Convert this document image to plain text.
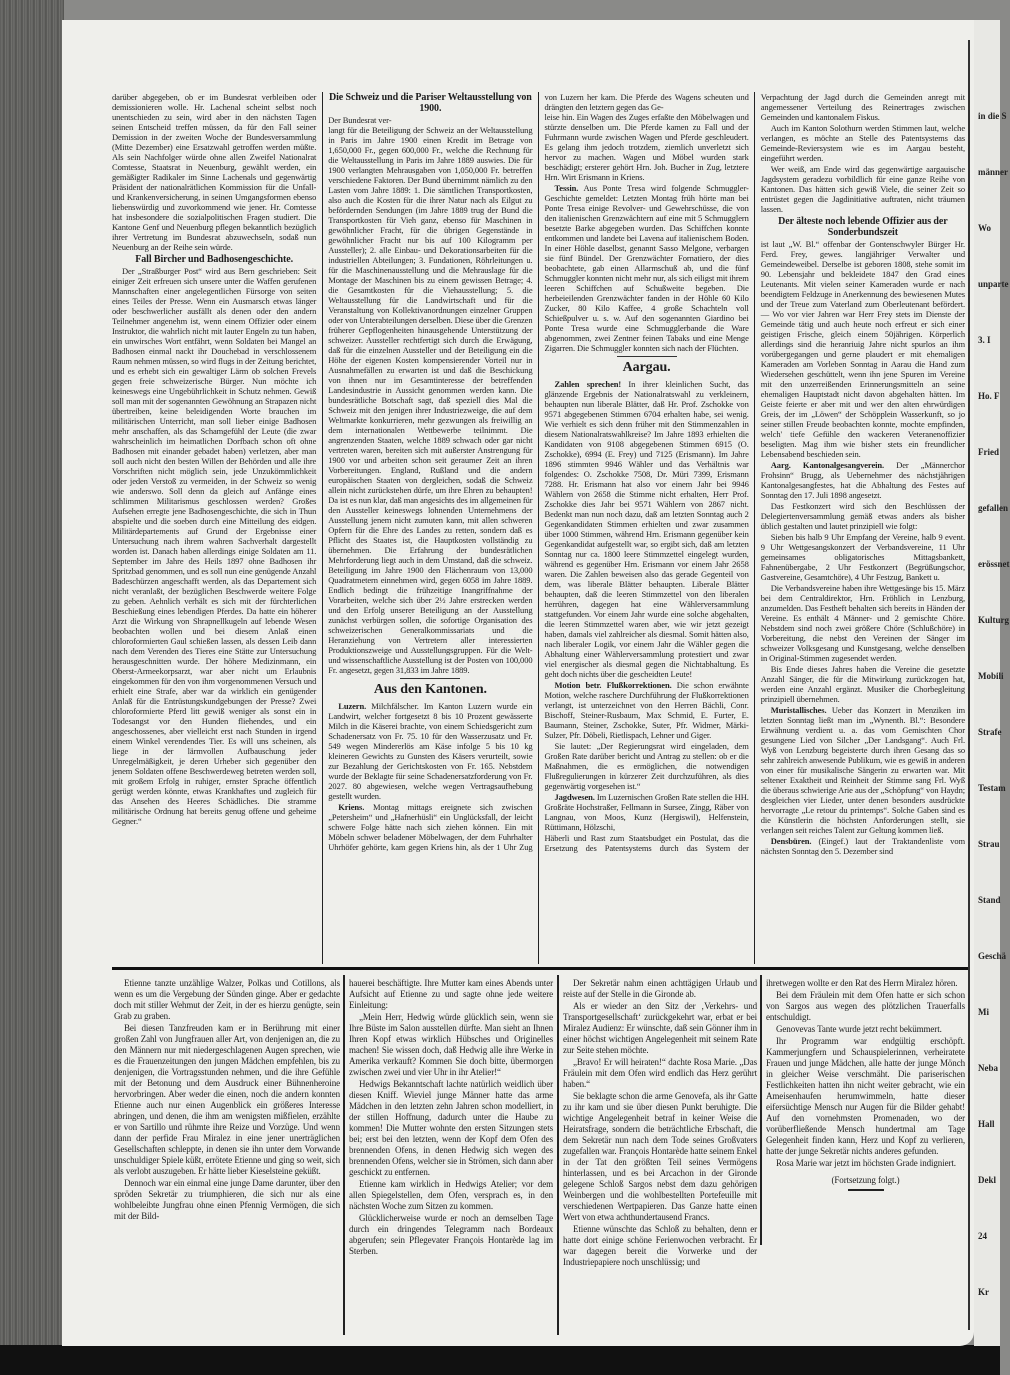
in die S
männer
Wo
unparte
3. I
Ho. F
Fried
gefallen
erössnet
Kulturg
Mobili
Strafe
Testam
Strau
Stand
Geschä
Mi
Neba
Hall
Dekl
24
Kr

darüber abgegeben, ob er im Bundesrat verbleiben oder demissionieren wolle. Hr. Lachenal scheint selbst noch unentschieden zu sein, wird aber in den nächsten Tagen seinen Entscheid treffen müssen, da für den Fall seiner Demission in der zweiten Woche der Bundesversammlung (Mitte Dezember) eine Ersatzwahl getroffen werden müßte. Als sein Nachfolger würde ohne allen Zweifel Nationalrat Comtesse, Staatsrat in Neuenburg, gewählt werden, ein gemäßigter Radikaler im Sinne Lachenals und gegenwärtig Präsident der nationalrätlichen Kommission für die Unfall- und Krankenversicherung, in seinen Umgangsformen ebenso liebenswürdig und zuvorkommend wie jener. Hr. Comtesse hat insbesondere die sozialpolitischen Fragen studiert. Die Kantone Genf und Neuenburg pflegen bekanntlich bezüglich ihrer Vertretung im Bundesrat abzuwechseln, sodaß nun Neuenburg an der Reihe sein würde.

Fall Bircher und Badhosengeschichte.

Der „Straßburger Post“ wird aus Bern geschrieben: Seit einiger Zeit erfreuen sich unsere unter die Waffen gerufenen Mannschaften einer angelegentlichen Fürsorge von seiten eines Teiles der Presse. Wenn ein Ausmarsch etwas länger oder beschwerlicher ausfällt als denen oder den andern Teilnehmer angenehm ist, wenn einem Offizier oder einem Instruktor, die wahrlich nicht mit lauter Engeln zu tun haben, ein unwirsches Wort entfährt, wenn Soldaten bei Mangel an Badhosen einmal nackt ihr Douchebad in verschlossenem Raum nehmen müssen, so wird flugs in der Zeitung berichtet, und es erhebt sich ein gewaltiger Lärm ob solchen Frevels gegen freie schweizerische Bürger. Nun möchte ich keineswegs eine Ungebührlichkeit in Schutz nehmen. Gewiß soll man mit der sogenannten Gewöhnung an Strapazen nicht übertreiben, keine beleidigenden Worte brauchen im militärischen Unterricht, man soll lieber einige Badhosen mehr anschaffen, als das Schamgefühl der Leute (die zwar wahrscheinlich im heimatlichen Dorfbach schon oft ohne Badhosen mit einander gebadet haben) verletzen, aber man soll auch nicht den besten Willen der Behörden und alle ihre Vorschriften nicht möglich sein, jede Unzukömmlichkeit oder jeden Verstoß zu vermeiden, in der Schweiz so wenig wie anderswo. Soll denn da gleich auf Anfänge eines schlimmen Militarismus geschlossen werden? Großes Aufsehen erregte jene Badhosengeschichte, die sich in Thun abspielte und die soeben durch eine Mitteilung des eidgen. Militärdepartements auf Grund der Ergebnisse einer Untersuchung nach ihrem wahren Sachverhalt dargestellt worden ist. Danach haben allerdings einige Soldaten am 11. September im Jahre des Heils 1897 ohne Badhosen ihr Spritzbad genommen, und es soll nun eine genügende Anzahl Badeschürzen angeschafft werden, als das Departement sich nicht veranlaßt, der bezüglichen Beschwerde weitere Folge zu geben. Aehnlich verhält es sich mit der fürchterlichen Beschießung eines lebendigen Pferdes. Da hatte ein höherer Arzt die Wirkung von Shrapnellkugeln auf lebende Wesen beobachten wollen und bei diesem Anlaß einen chloroformierten Gaul schießen lassen, als dessen Leib dann nach dem Verenden des Tieres eine Stätte zur Untersuchung herausgeschnitten wurde. Der höhere Medizinmann, ein Oberst-Armeekorpsarzt, war aber nicht um Erlaubnis eingekommen für den von ihm vorgenommenen Versuch und erhielt eine Strafe, aber war da wirklich ein genügender Anlaß für die Entrüstungskundgebungen der Presse? Zwei chloroformierte Pferd litt gewiß weniger als sonst ein in Todesangst vor den Hunden fliehendes, und ein angeschossenes, aber vielleicht erst nach Stunden in irgend einem Winkel verendendes Tier. Es will uns scheinen, als liege in der lärmvollen Aufbauschung jeder Unregelmäßigkeit, je deren Urheber sich gegenüber den jenem Soldaten offene Beschwerdeweg betreten werden soll, mit großem Erfolg in ruhiger, ernster Sprache öffentlich gerügt werden könnte, etwas Krankhaftes und zugleich für das Ansehen des Heeres Schädliches. Die stramme militärische Ordnung hat bereits genug offene und geheime Gegner.“

Die Schweiz und die Pariser Weltausstellung von 1900.

Der Bundesrat ver-

langt für die Beteiligung der Schweiz an der Weltausstellung in Paris im Jahre 1900 einen Kredit im Betrage von 1,650,000 Fr., gegen 600,000 Fr., welche die Rechnung für die Weltausstellung in Paris im Jahre 1889 auswies. Die für 1900 verlangten Mehrausgaben von 1,050,000 Fr. betreffen verschiedene Faktoren. Der Bund übernimmt nämlich zu den Lasten vom Jahre 1889: 1. Die sämtlichen Transportkosten, also auch die Kosten für die ihrer Natur nach als Eilgut zu befördernden Sendungen (im Jahre 1889 trug der Bund die Transportkosten für Vieh ganz, ebenso für Maschinen in gewöhnlicher Fracht, für die übrigen Gegenstände in gewöhnlicher Fracht nur bis auf 100 Kilogramm per Aussteller); 2. alle Einbau- und Dekorationsarbeiten für die industriellen Abteilungen; 3. Fundationen, Röhrleitungen u. für die Maschinenausstellung und die Mehrauslage für die Montage der Maschinen bis zu einem gewissen Betrage; 4. die Gesamtkosten für die Viehausstellung; 5. die Weltausstellung für die Landwirtschaft und für die Veranstaltung von Kollektivanordnungen einzelner Gruppen oder von Unterabteilungen derselben. Diese über die Grenzen früherer Gepflogenheiten hinausgehende Unterstützung der schweizer. Aussteller rechtfertigt sich durch die Erwägung, daß für die einzelnen Aussteller und der Beteiligung ein die Höhe der eigenen Kosten kompensierender Vorteil nur in Ausnahmefällen zu erwarten ist und daß die Beschickung von ihnen nur im Gesamtinteresse der betreffenden Landesindustrie in Aussicht genommen werden kann. Die bundesrätliche Botschaft sagt, daß speziell dies Mal die Schweiz mit den jenigen ihrer Industriezweige, die auf dem Weltmarkte konkurrieren, mehr gezwungen als freiwillig an dem internationalen Wettbewerbe teilnimmt. Die angrenzenden Staaten, welche 1889 schwach oder gar nicht vertreten waren, bereiten sich mit außerster Anstrengung für 1900 vor und arbeiten schon seit geraumer Zeit an ihren Vorbereitungen. England, Rußland und die andern europäischen Staaten von dergleichen, sodaß die Schweiz allein nicht zurückstehen dürfe, um ihre Ehren zu behaupten! Da ist es nun klar, daß man angesichts des im allgemeinen für den Aussteller keineswegs lohnenden Unternehmens der Ausstellung jenem nicht zumuten kann, mit allen schweren Opfern für die Ehre des Landes zu retten, sondern daß es Pflicht des Staates ist, die Hauptkosten vollständig zu übernehmen. Die Erfahrung der bundesrätlichen Mehrforderung liegt auch in dem Umstand, daß die schweiz. Beteiligung im Jahre 1900 den Flächenraum von 13,000 Quadratmetern einnehmen wird, gegen 6058 im Jahre 1889. Endlich bedingt die frühzeitige Inangriffnahme der Vorarbeiten, welche sich über 2½ Jahre erstrecken werden und den Erfolg unserer Beteiligung an der Ausstellung zunächst verbürgen sollen, die sofortige Organisation des schweizerischen Generalkommissariats und die Heranziehung von Vertretern aller interessierten Produktionszweige und Ausstellungsgruppen. Für die Welt- und wissenschaftliche Ausstellung ist der Posten von 100,000 Fr. angesetzt, gegen 31,833 im Jahre 1889.

Aus den Kantonen.

Luzern. Milchfälscher. Im Kanton Luzern wurde ein Landwirt, welcher fortgesetzt 8 bis 10 Prozent gewässerte Milch in die Käserei brachte, von einem Schiedsgericht zum Schadenersatz von Fr. 75. 10 für den Wasserzusatz und Fr. 549 wegen Mindererlös am Käse infolge 5 bis 10 kg kleineren Gewichts zu Gunsten des Käsers verurteilt, sowie zur Bezahlung der Gerichtskosten von Fr. 165. Nebstdem wurde der Beklagte für seine Schadenersatzforderung von Fr. 2027. 80 abgewiesen, welche wegen Vertragsaufhebung gestellt wurden.

Kriens. Montag mittags ereignete sich zwischen „Petersheim“ und „Hafnerhüsli“ ein Unglücksfall, der leicht schwere Folge hätte nach sich ziehen können. Ein mit Möbeln schwer beladener Möbelwagen, der dem Fuhrhalter Uhrhöfer gehörte, kam gegen Kriens hin, als der 1 Uhr Zug von Luzern her kam. Die Pferde des Wagens scheuten und drängten den letztern gegen das Ge-

leise hin. Ein Wagen des Zuges erfaßte den Möbelwagen und stürzte denselben um. Die Pferde kamen zu Fall und der Fuhrmann wurde zwischen Wagen und Pferde geschleudert. Es gelang ihm jedoch trotzdem, ziemlich unverletzt sich hervor zu machen. Wagen und Möbel wurden stark beschädigt; ersterer gehört Hrn. Joh. Bucher in Zug, letztere Hrn. Wirt Erismann in Kriens.

Tessin. Aus Ponte Tresa wird folgende Schmuggler-Geschichte gemeldet: Letzten Montag früh hörte man bei Ponte Tresa einige Revolver- und Gewehrschüsse, die von den italienischen Grenzwächtern auf eine mit 5 Schmugglern besetzte Barke abgegeben wurden. Das Schiffchen konnte entkommen und landete bei Lavena auf italienischem Boden. In einer Höhle daselbst, genannt Sasso Melgone, verbargen sie fünf Bündel. Der Grenzwächter Fornatiero, der dies beobachtete, gab einen Allarmschuß ab, und die fünf Schmuggler konnten nicht mehr nur, als sich eiligst mit ihrem leeren Schiffchen auf Schußweite begeben. Die herbeieilenden Grenzwächter fanden in der Höhle 60 Kilo Zucker, 80 Kilo Kaffee, 4 große Schachteln voll Schießpulver u. s. w. Auf den sogenannten Giardino bei Ponte Tresa wurde eine Schmugglerbande die Ware abgenommen, zwei Zentner feinen Tabaks und eine Menge Zigarren. Die Schmuggler konnten sich nach der Flüchten.

Aargau.

Zahlen sprechen! In ihrer kleinlichen Sucht, das glänzende Ergebnis der Nationalratswahl zu verkleinern, behaupten nun liberale Blätter, daß Hr. Prof. Zschokke von 9571 abgegebenen Stimmen 6704 erhalten habe, sei wenig. Wie verhielt es sich denn früher mit den Stimmenzahlen in diesem Nationalratswahlkreise? Im Jahre 1893 erhielten die Kandidaten von 9108 abgegebenen Stimmen 6915 (O. Zschokke), 6994 (E. Frey) und 7125 (Erismann). Im Jahre 1896 stimmten 9946 Wähler und das Verhältnis war folgendes: O. Zschokke 7508, Dr. Müri 7399, Erismann 7288. Hr. Erismann hat also vor einem Jahr bei 9946 Wählern von 2658 die Stimme nicht erhalten, Herr Prof. Zschokke dies Jahr bei 9571 Wählern von 2867 nicht. Bedenkt man nun noch dazu, daß am letzten Sonntag auch 2 Gegenkandidaten Stimmen erhielten und zwar zusammen über 1000 Stimmen, während Hrn. Erismann gegenüber kein Gegenkandidat aufgestellt war, so ergibt sich, daß am letzten Sonntag nur ca. 1800 leere Stimmzettel eingelegt wurden, während es gegenüber Hrn. Erismann vor einem Jahr 2658 waren. Die Zahlen beweisen also das gerade Gegenteil von dem, was liberale Blätter behaupten. Liberale Blätter behaupten, daß die leeren Stimmzettel von den liberalen herrühren, dagegen hat eine Wählerversammlung stattgefunden. Vor einem Jahr wurde eine solche abgehalten, die leeren Stimmzettel waren aber, wie wir jetzt gezeigt haben, damals viel zahlreicher als diesmal. Somit hätten also, nach liberaler Logik, vor einem Jahr die Wähler gegen die Abhaltung einer Wählerversammlung protestiert und zwar viel energischer als diesmal gegen die Nichtabhaltung. Es geht doch nichts über die gescheidten Leute!

Motion betr. Flußkorrektionen. Die schon erwähnte Motion, welche raschere Durchführung der Flußkorrektionen verlangt, ist unterzeichnet von den Herren Bächli, Conr. Bischoff, Steiner-Rusbaum, Max Schmid, E. Furter, E. Baumann, Steiner, Zschokke, Suter, Pfr. Widmer, Märki-Sulzer, Pfr. Döbeli, Rietlispach, Lehner und Giger.

Sie lautet: „Der Regierungsrat wird eingeladen, dem Großen Rate darüber bericht und Antrag zu stellen: ob er die Maßnahmen, die es ermöglichen, die notwendigen Flußregulierungen in kürzerer Zeit durchzuführen, als dies gegenwärtig vorgesehen ist.“

Jagdwesen. Im Luzernischen Großen Rate stellen die HH. Großräte Hochstraßer, Fellmann in Sursee, Zingg, Räber von Langnau, von Moos, Kunz (Hergiswil), Helfenstein, Rüttimann, Hölzschi,

Häberli und Rast zum Staatsbudget ein Postulat, das die Ersetzung des Patentsystems durch das System der Verpachtung der Jagd durch die Gemeinden anregt mit angemessener Verteilung des Reinertrages zwischen Gemeinden und kantonalem Fiskus.

Auch im Kanton Solothurn werden Stimmen laut, welche verlangen, es möchte an Stelle des Patentsystems das Gemeinde-Reviersystem wie es im Aargau besteht, eingeführt werden.

Wer weiß, am Ende wird das gegenwärtige aargauische Jagdsystem geradezu vorbildlich für eine ganze Reihe von Kantonen. Das hätten sich gewiß Viele, die seiner Zeit so entrüstet gegen die Jagdinitiative auftraten, nicht träumen lassen.

Der älteste noch lebende Offizier aus der Sonderbundszeit

ist laut „W. Bl.“ offenbar der Gontenschwyler Bürger Hr. Ferd. Frey, gewes. langjähriger Verwalter und Gemeindeweibel. Derselbe ist geboren 1808, stehe somit im 90. Lebensjahr und bekleidete 1847 den Grad eines Leutenants. Mit vielen seiner Kameraden wurde er nach beendigtem Feldzuge in Anerkennung des bewiesenen Mutes und der Treue zum Vaterland zum Oberleutenant befördert. — Wo vor vier Jahren war Herr Frey stets im Dienste der Gemeinde tätig und auch heute noch erfreut er sich einer geistigen Frische, gleich einem 50jährigen. Körperlich allerdings sind die heranriuig Jahre nicht spurlos an ihm vorübergegangen und gerne plaudert er mit ehemaligen Kameraden am Vorleben Sonntag in Aarau die Hand zum Wiedersehen geschüttelt, wenn ihn jene Spuren im Vereine mit den unzerreißenden Erinnerungsmitteln an seine ehemaligen Hauptstadt nicht davon abgehalten hätten. Im Geiste feierte er aber mit und wer den alten ehrwürdigen Greis, der im „Löwen“ der Schöpplein Wasserkunft, so jo seiner stillen Freude beobachten konnte, mochte empfinden, welch' tiefe Gefühle den wackeren Veteranenoffizier beseligten. Mag ihm wie bisher stets ein freundlicher Lebensabend beschieden sein.

Aarg. Kantonalgesangverein. Der „Männerchor Frohsinn“ Brugg, als Uebernehmer des nächstjährigen Kantonalgesangfestes, hat die Abhaltung des Festes auf Sonntag den 17. Juli 1898 angesetzt.

Das Festkonzert wird sich den Beschlüssen der Delegiertenversammlung gemäß etwas anders als bisher üblich gestalten und lautet prinzipiell wie folgt:

Sieben bis halb 9 Uhr Empfang der Vereine, halb 9 event. 9 Uhr Wettgesangskonzert der Verbandsvereine, 11 Uhr gemeinsames obligatorisches Mittagsbankett, Fahnenübergabe, 2 Uhr Festkonzert (Begrüßungschor, Gastvereine, Gesamtchöre), 4 Uhr Festzug, Bankett u.

Die Verbandsvereine haben ihre Wettgesänge bis 15. März bei dem Centraldirektor, Hrn. Fröhlich in Lenzburg, anzumelden. Das Festheft behalten sich bereits in Händen der Vereine. Es enthält 4 Männer- und 2 gemischte Chöre. Nebstdem sind noch zwei größere Chöre (Schlußchöre) in Vorbereitung, die nebst den Vereinen der Sänger im schweizer Volksgesang und Kunstgesang, welche denselben in Original-Stimmen zugesendet werden.

Bis Ende dieses Jahres haben die Vereine die gesetzte Anzahl Sänger, die für die Mitwirkung zurückzogen hat, werden eine Anzahl ergänzt. Musiker die Chorbegleitung prinzipiell übernehmen.

Muristallisches. Ueber das Konzert in Menziken im letzten Sonntag ließt man im „Wynenth. Bl.“: Besondere Erwähnung verdient u. a. das vom Gemischten Chor gesungene Lied von Silcher „Der Landsgang“. Auch Frl. Wyß von Lenzburg begeisterte durch ihren Gesang das so sehr zahlreich anwesende Publikum, wie es gewiß in anderen von einer für musikalische Sängerin zu erwarten war. Mit seltener Exaktheit und Reinheit der Stimme sang Frl. Wyß die überaus schwierige Arie aus der „Schöpfung“ von Haydn; desgleichen vier Lieder, unter denen besonders ausdrückte hervorragte „Le retour du printemps“. Solche Gaben sind es die Künstlerin die höchsten Anforderungen stellt, sie verlangen seit reiches Talent zur Geltung kommen ließ.

Densbüren. (Eingef.) laut der Traktandenliste vom nächsten Sonntag den 5. Dezember sind

Etienne tanzte unzählige Walzer, Polkas und Cotillons, als wenn es um die Vergebung der Sünden ginge. Aber er gedachte doch mit stiller Wehmut der Zeit, in der es hierzu genügte, sein Grab zu graben.

Bei diesen Tanzfreuden kam er in Berührung mit einer großen Zahl von Jungfrauen aller Art, von denjenigen an, die zu den Männern nur mit niedergeschlagenen Augen sprechen, wie es die Frauenzeitungen den jungen Mädchen empfehlen, bis zu denjenigen, die Vortragsstunden nehmen, und die ihre Gefühle mit der Betonung und dem Ausdruck einer Bühnenheroine hervorbringen. Aber weder die einen, noch die andern konnten Etienne auch nur einen Augenblick ein größeres Interesse abringen, und denen, die ihm am wenigsten mißfielen, erzählte er von Sartillo und rühmte ihre Reize und Vorzüge. Und wenn dann der perfide Frau Miralez in eine jener unerträglichen Gesellschaften schleppte, in denen sie ihn unter dem Vorwande unschuldiger Spiele küßt, errötete Etienne und ging so weit, sich als verlobt auszugeben. Er hätte lieber Kieselsteine geküßt.

Dennoch war ein einmal eine junge Dame darunter, über den spröden Sekretär zu triumphieren, die sich nur als eine wohlbeleibte Jungfrau ohne einen Pfennig Vermögen, die sich mit der Bild-

hauerei beschäftigte. Ihre Mutter kam eines Abends unter Aufsicht auf Etienne zu und sagte ohne jede weitere Einleitung:

„Mein Herr, Hedwig würde glücklich sein, wenn sie Ihre Büste im Salon ausstellen dürfte. Man sieht an Ihnen Ihren Kopf etwas wirklich Hübsches und Originelles machen! Sie wissen doch, daß Hedwig alle ihre Werke in Amerika verkauft? Kommen Sie doch bitte, übermorgen zwischen zwei und vier Uhr in ihr Atelier!“

Hedwigs Bekanntschaft lachte natürlich weidlich über diesen Kniff. Wieviel junge Männer hatte das arme Mädchen in den letzten zehn Jahren schon modelliert, in der stillen Hoffnung, dadurch unter die Haube zu kommen! Die Mutter wohnte den ersten Sitzungen stets bei; erst bei den letzten, wenn der Kopf dem Ofen des brennenden Ofens, in denen Hedwig sich wegen des brennenden Ofens, welcher sie in Strömen, sich dann aber geschickt zu entfernen.

Etienne kam wirklich in Hedwigs Atelier; vor dem allen Spiegelstellen, dem Ofen, versprach es, in den nächsten Woche zum Sitzen zu kommen.

Glücklicherweise wurde er noch an demselben Tage durch ein dringendes Telegramm nach Bordeaux abgerufen; sein Pflegevater François Hontarède lag im Sterben.

Der Sekretär nahm einen achttägigen Urlaub und reiste auf der Stelle in die Gironde ab.

Als er wieder an den Sitz der ‚Verkehrs- und Transportgesellschaft‘ zurückgekehrt war, erbat er bei Miralez Audienz: Er wünschte, daß sein Gönner ihm in einer höchst wichtigen Angelegenheit mit seinem Rate zur Seite stehen möchte.

„Bravo! Er will heiraten!“ dachte Rosa Marie. „Das Fräulein mit dem Ofen wird endlich das Herz gerührt haben.“

Sie beklagte schon die arme Genovefa, als ihr Gatte zu ihr kam und sie über diesen Punkt beruhigte. Die wichtige Angelegenheit betraf in keiner Weise die Heiratsfrage, sondern die beträchtliche Erbschaft, die dem Sekretär nun nach dem Tode seines Großvaters zugefallen war. François Hontarède hatte seinem Enkel in der Tat den größten Teil seines Vermögens hinterlassen, und es bei Arcachon in der Gironde gelegene Schloß Sargos nebst dem dazu gehörigen Weinbergen und die wohlbestellten Portefeuille mit verschiedenen Wertpapieren. Das Ganze hatte einen Wert von etwa achthundertausend Francs.

Etienne wünschte das Schloß zu behalten, denn er hatte dort einige schöne Ferienwochen verbracht. Er war dagegen bereit die Vorwerke und der Industriepapiere noch unschlüssig; und

ihretwegen wollte er den Rat des Herrn Miralez hören.

Bei dem Fräulein mit dem Ofen hatte er sich schon von Sargos aus wegen des plötzlichen Trauerfalls entschuldigt.

Genovevas Tante wurde jetzt recht bekümmert.

Ihr Programm war endgültig erschöpft. Kammerjungfern und Schauspielerinnen, verheiratete Frauen und junge Mädchen, alle hatte der junge Mönch in gleicher Weise verschmäht. Die pariserischen Festlichkeiten hatten ihn nicht weiter gebracht, wie ein Ameisenhaufen herumwimmeln, hatte dieser eifersüchtige Mensch nur Augen für die Bilder gehabt! Auf den vornehmsten Promenaden, wo der vorüberfließende Mensch hundertmal am Tage Gelegenheit finden kann, Herz und Kopf zu verlieren, hatte der junge Sekretär nichts anderes gefunden.

Rosa Marie war jetzt im höchsten Grade indigniert.

(Fortsetzung folgt.)
